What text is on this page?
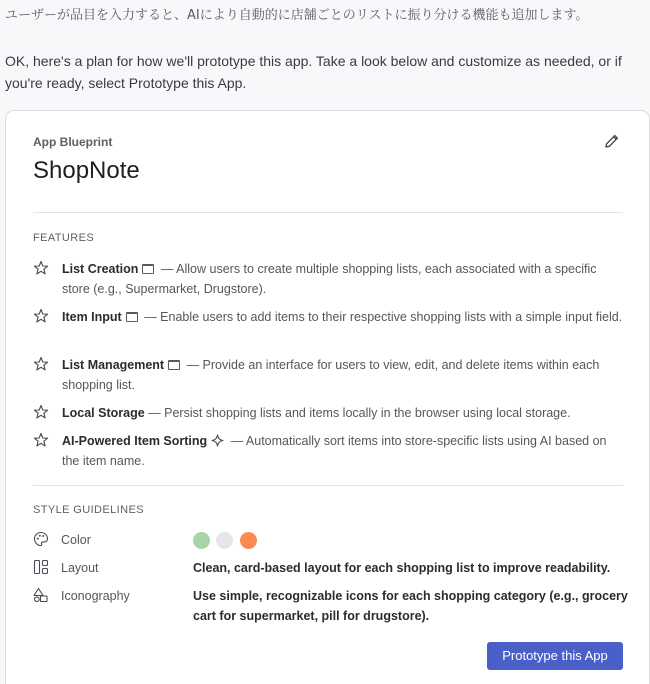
ユーザーが品目を入力すると、AIにより自動的に店舗ごとのリストに振り分ける機能も追加します。
OK, here's a plan for how we'll prototype this app. Take a look below and customize as needed, or if you're ready, select Prototype this App.
App Blueprint
ShopNote
FEATURES
List Creation — Allow users to create multiple shopping lists, each associated with a specific store (e.g., Supermarket, Drugstore).
Item Input — Enable users to add items to their respective shopping lists with a simple input field.
List Management — Provide an interface for users to view, edit, and delete items within each shopping list.
Local Storage — Persist shopping lists and items locally in the browser using local storage.
AI-Powered Item Sorting — Automatically sort items into store-specific lists using AI based on the item name.
STYLE GUIDELINES
Color
Layout	Clean, card-based layout for each shopping list to improve readability.
Iconography	Use simple, recognizable icons for each shopping category (e.g., grocery cart for supermarket, pill for drugstore).
Prototype this App
